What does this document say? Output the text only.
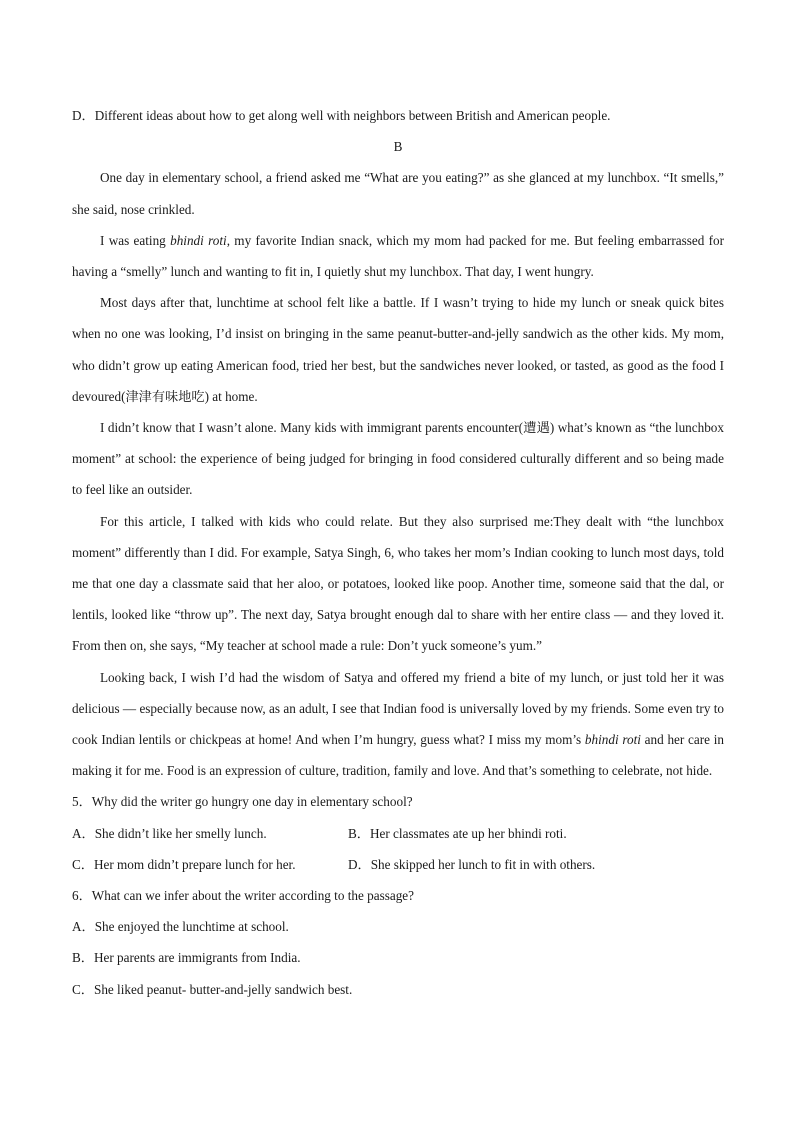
D．Different ideas about how to get along well with neighbors between British and American people.

B

One day in elementary school, a friend asked me “What are you eating?” as she glanced at my lunchbox. “It smells,” she said, nose crinkled.

I was eating bhindi roti, my favorite Indian snack, which my mom had packed for me. But feeling embarrassed for having a “smelly” lunch and wanting to fit in, I quietly shut my lunchbox. That day, I went hungry.

Most days after that, lunchtime at school felt like a battle. If I wasn’t trying to hide my lunch or sneak quick bites when no one was looking, I’d insist on bringing in the same peanut-butter-and-jelly sandwich as the other kids. My mom, who didn’t grow up eating American food, tried her best, but the sandwiches never looked, or tasted, as good as the food I devoured(津津有味地吃) at home.

I didn’t know that I wasn’t alone. Many kids with immigrant parents encounter(遭遇) what’s known as “the lunchbox moment” at school: the experience of being judged for bringing in food considered culturally different and so being made to feel like an outsider.

For this article, I talked with kids who could relate. But they also surprised me:They dealt with “the lunchbox moment” differently than I did. For example, Satya Singh, 6, who takes her mom’s Indian cooking to lunch most days, told me that one day a classmate said that her aloo, or potatoes, looked like poop. Another time, someone said that the dal, or lentils, looked like “throw up”. The next day, Satya brought enough dal to share with her entire class — and they loved it. From then on, she says, “My teacher at school made a rule: Don’t yuck someone’s yum.”

Looking back, I wish I’d had the wisdom of Satya and offered my friend a bite of my lunch, or just told her it was delicious — especially because now, as an adult, I see that Indian food is universally loved by my friends. Some even try to cook Indian lentils or chickpeas at home! And when I’m hungry, guess what? I miss my mom’s bhindi roti and her care in making it for me. Food is an expression of culture, tradition, family and love. And that’s something to celebrate, not hide.

5．Why did the writer go hungry one day in elementary school?

A．She didn’t like her smelly lunch.	B．Her classmates ate up her bhindi roti.
C．Her mom didn’t prepare lunch for her.	D．She skipped her lunch to fit in with others.

6．What can we infer about the writer according to the passage?

A．She enjoyed the lunchtime at school.

B．Her parents are immigrants from India.

C．She liked peanut- butter-and-jelly sandwich best.
